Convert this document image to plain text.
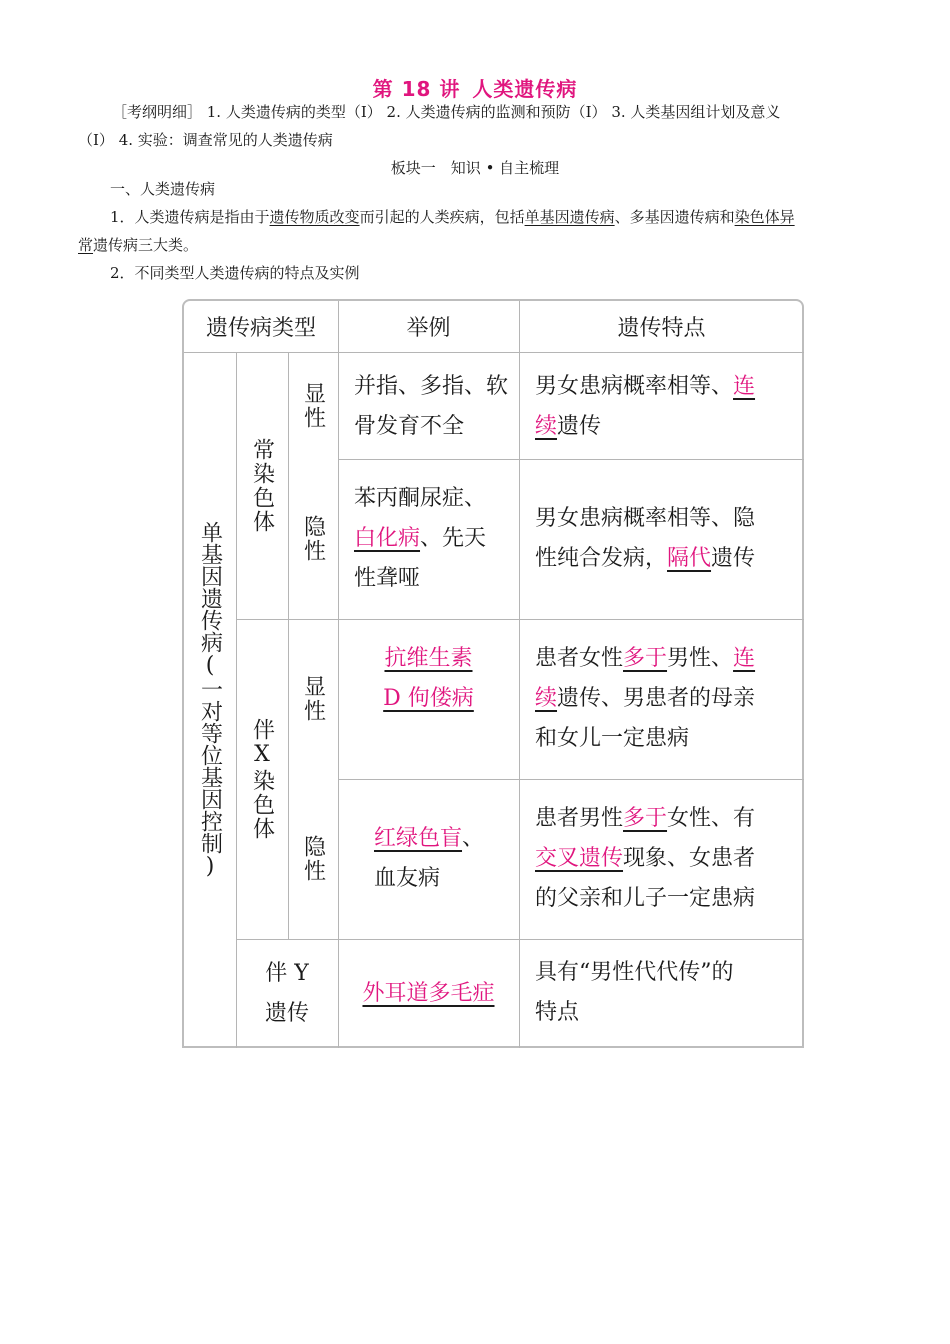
第 18 讲 人类遗传病
［考纲明细］ 1. 人类遗传病的类型（Ⅰ） 2. 人类遗传病的监测和预防（Ⅰ） 3. 人类基因组计划及意义
（Ⅰ） 4. 实验：调查常见的人类遗传病
板块一　知识 • 自主梳理
一、人类遗传病
1．人类遗传病是指由于遗传物质改变而引起的人类疾病，包括单基因遗传病、多基因遗传病和染色体异
常遗传病三大类。
2．不同类型人类遗传病的特点及实例
遗传病类型	举例	遗传特点
单基因遗传病(一对等位基因控制)
常染色体
伴X染色体
伴 Y
遗传
显性
隐性
显性
隐性
并指、多指、软骨发育不全
男女患病概率相等、连
续遗传
苯丙酮尿症、
白化病、先天
性聋哑
男女患病概率相等、隐
性纯合发病，隔代遗传
抗维生素
D 佝偻病
患者女性多于男性、连
续遗传、男患者的母亲
和女儿一定患病
红绿色盲、
血友病
患者男性多于女性、有
交叉遗传现象、女患者
的父亲和儿子一定患病
外耳道多毛症
具有“男性代代传”的
特点
